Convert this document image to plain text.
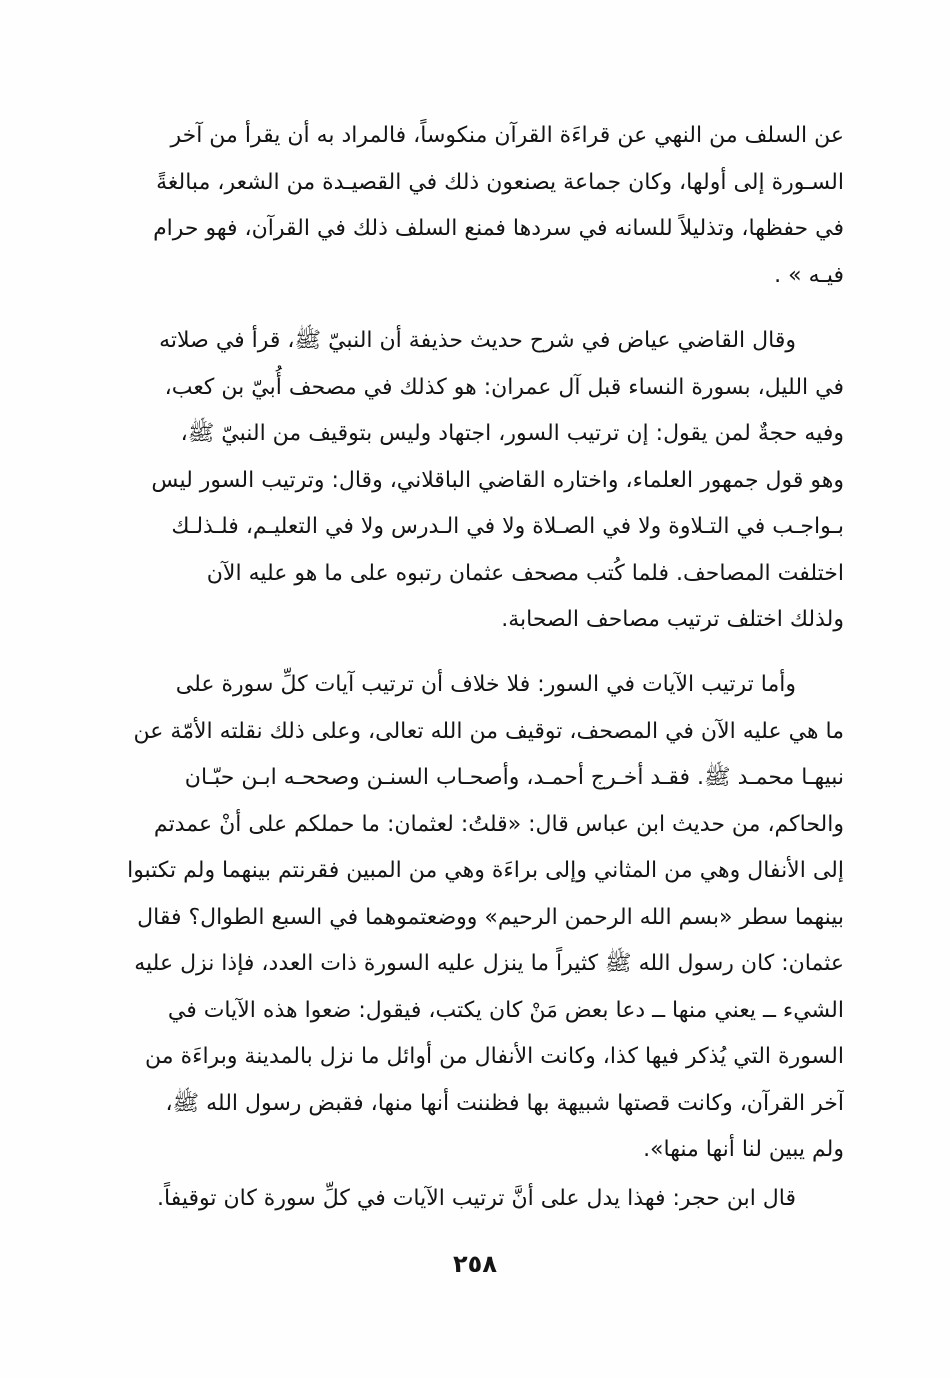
عن السلف من النهي عن قراءَة القرآن منكوساً، فالمراد به أن يقرأ من آخر
السـورة إلى أولها، وكان جماعة يصنعون ذلك في القصيـدة من الشعر، مبالغةً
في حفظها، وتذليلاً للسانه في سردها فمنع السلف ذلك في القرآن، فهو حرام
فيـه » .
وقال القاضي عياض في شرح حديث حذيفة أن النبيّ ﷺ، قرأ في صلاته
في الليل، بسورة النساء قبل آل عمران: هو كذلك في مصحف أُبيّ بن كعب،
وفيه حجةٌ لمن يقول: إن ترتيب السور، اجتهاد وليس بتوقيف من النبيّ ﷺ،
وهو قول جمهور العلماء، واختاره القاضي الباقلاني، وقال: وترتيب السور ليس
بـواجـب في التـلاوة ولا في الصـلاة ولا في الـدرس ولا في التعليـم، فلـذلـك
اختلفت المصاحف. فلما كُتب مصحف عثمان رتبوه على ما هو عليه الآن
ولذلك اختلف ترتيب مصاحف الصحابة.
وأما ترتيب الآيات في السور: فلا خلاف أن ترتيب آيات كلِّ سورة على
ما هي عليه الآن في المصحف، توقيف من الله تعالى، وعلى ذلك نقلته الأمّة عن
نبيهـا محمـد ﷺ. فقـد أخـرج أحمـد، وأصحـاب السنـن وصححـه ابـن حبّـان
والحاكم، من حديث ابن عباس قال: «قلتُ: لعثمان: ما حملكم على أنْ عمدتم
إلى الأنفال وهي من المثاني وإلى براءَة وهي من المبين فقرنتم بينهما ولم تكتبوا
بينهما سطر «بسم الله الرحمن الرحيم» ووضعتموهما في السبع الطوال؟ فقال
عثمان: كان رسول الله ﷺ كثيراً ما ينزل عليه السورة ذات العدد، فإذا نزل عليه
الشيء ــ يعني منها ــ دعا بعض مَنْ كان يكتب، فيقول: ضعوا هذه الآيات في
السورة التي يُذكر فيها كذا، وكانت الأنفال من أوائل ما نزل بالمدينة وبراءَة من
آخر القرآن، وكانت قصتها شبيهة بها فظننت أنها منها، فقبض رسول الله ﷺ،
ولم يبين لنا أنها منها».
قال ابن حجر: فهذا يدل على أنَّ ترتيب الآيات في كلِّ سورة كان توقيفاً.
٢٥٨
